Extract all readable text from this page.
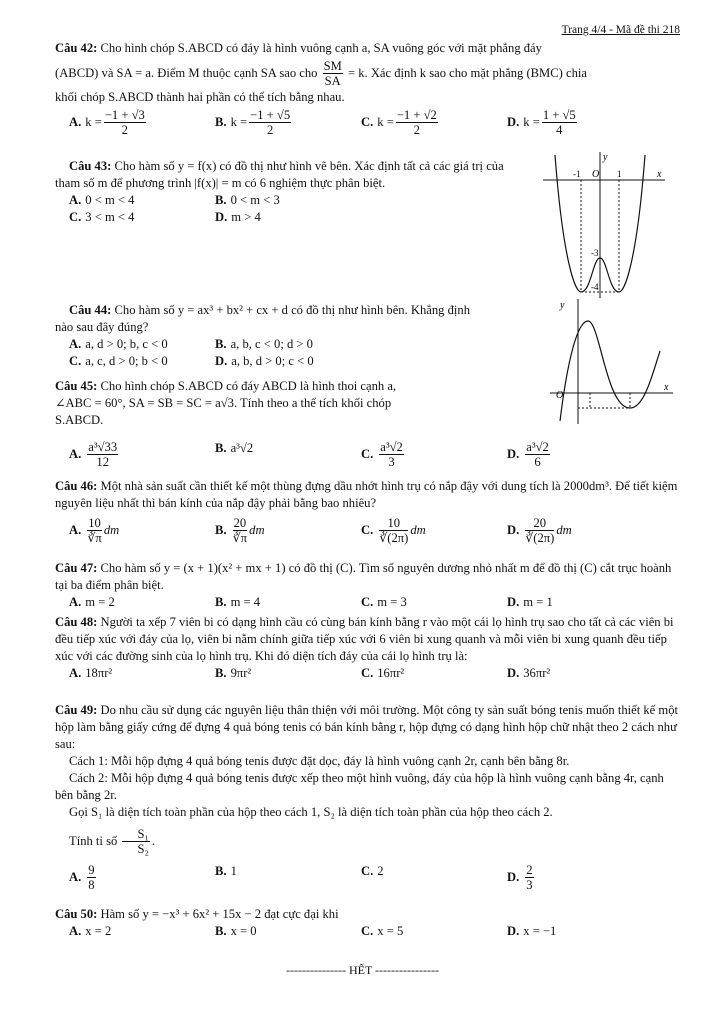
Trang 4/4 - Mã đề thi 218
Câu 42: Cho hình chóp S.ABCD có đáy là hình vuông cạnh a, SA vuông góc với mặt phẳng đáy
(ABCD) và SA = a. Điểm M thuộc cạnh SA sao cho $\frac{SM}{SA} = k$. Xác định k sao cho mặt phẳng (BMC) chia
khối chóp S.ABCD thành hai phần có thể tích bằng nhau.
A. $k = \frac{-1 + √3}{2}$	B. $k = \frac{-1 + √5}{2}$	C. $k = \frac{-1 + √2}{2}$	D. $k = \frac{1 + √5}{4}$
Câu 43: Cho hàm số y = f(x) có đồ thị như hình vẽ bên. Xác định tất cả các giá trị của tham số m để phương trình |f(x)| = m có 6 nghiệm thực phân biệt.
A. 0 < m < 4	B. 0 < m < 3
C. 3 < m < 4	D. m > 4
y
x
O
-1	1
-3
-4
Câu 44: Cho hàm số y = ax³ + bx² + cx + d có đồ thị như hình bên. Khẳng định nào sau đây đúng?
A. a, d > 0; b, c < 0	B. a, b, c < 0; d > 0
C. a, c, d > 0; b < 0	D. a, b, d > 0; c < 0
y
x
O
Câu 45: Cho hình chóp S.ABCD có đáy ABCD là hình thoi cạnh a,
∠ABC = 60°, SA = SB = SC = a√3. Tính theo a thể tích khối chóp
S.ABCD.
A. $\frac{\text{a³√33}}{12}$	B. a³√2	C. $\frac{\text{a³√2}}{3}$	D. $\frac{\text{a³√2}}{6}$
Câu 46: Một nhà sản suất cần thiết kế một thùng đựng dầu nhớt hình trụ có nắp đậy với dung tích là 2000dm³. Để tiết kiệm nguyên liệu nhất thì bán kính của nắp đậy phải bằng bao nhiêu?
A. $\frac{10}{∛\pi}$ dm	B. $\frac{20}{∛\pi}$ dm	C. $\frac{10}{∛(2\pi)}$ dm	D. $\frac{20}{∛(2\pi)}$ dm
Câu 47: Cho hàm số y = (x + 1)(x² + mx + 1) có đồ thị (C). Tìm số nguyên dương nhỏ nhất m để đồ thị (C) cắt trục hoành tại ba điểm phân biệt.
A. m = 2	B. m = 4	C. m = 3	D. m = 1
Câu 48: Người ta xếp 7 viên bi có dạng hình cầu có cùng bán kính bằng r vào một cái lọ hình trụ sao cho tất cả các viên bi đều tiếp xúc với đáy của lọ, viên bi nằm chính giữa tiếp xúc với 6 viên bi xung quanh và mỗi viên bi xung quanh đều tiếp xúc với các đường sinh của lọ hình trụ. Khi đó diện tích đáy của cái lọ hình trụ là:
A. 18πr²	B. 9πr²	C. 16πr²	D. 36πr²
Câu 49: Do nhu cầu sử dụng các nguyên liệu thân thiện với môi trường. Một công ty sản suất bóng tenis muốn thiết kế một hộp làm bằng giấy cứng để đựng 4 quả bóng tenis có bán kính bằng r, hộp đựng có dạng hình hộp chữ nhật theo 2 cách như sau:
Cách 1: Mỗi hộp đựng 4 quả bóng tenis được đặt dọc, đáy là hình vuông cạnh 2r, cạnh bên bằng 8r.
Cách 2: Mỗi hộp đựng 4 quả bóng tenis được xếp theo một hình vuông, đáy của hộp là hình vuông cạnh bằng 4r, cạnh bên bằng 2r.
Gọi S₁ là diện tích toàn phần của hộp theo cách 1, S₂ là diện tích toàn phần của hộp theo cách 2.
Tính tỉ số $\frac{\text{S₁}}{\text{S₂}}$ .
A. $\frac{9}{8}$	B. 1	C. 2	D. $\frac{2}{3}$
Câu 50: Hàm số y = −x³ + 6x² + 15x − 2 đạt cực đại khi
A. x = 2	B. x = 0	C. x = 5	D. x = −1
--------------- HẾT ----------------
